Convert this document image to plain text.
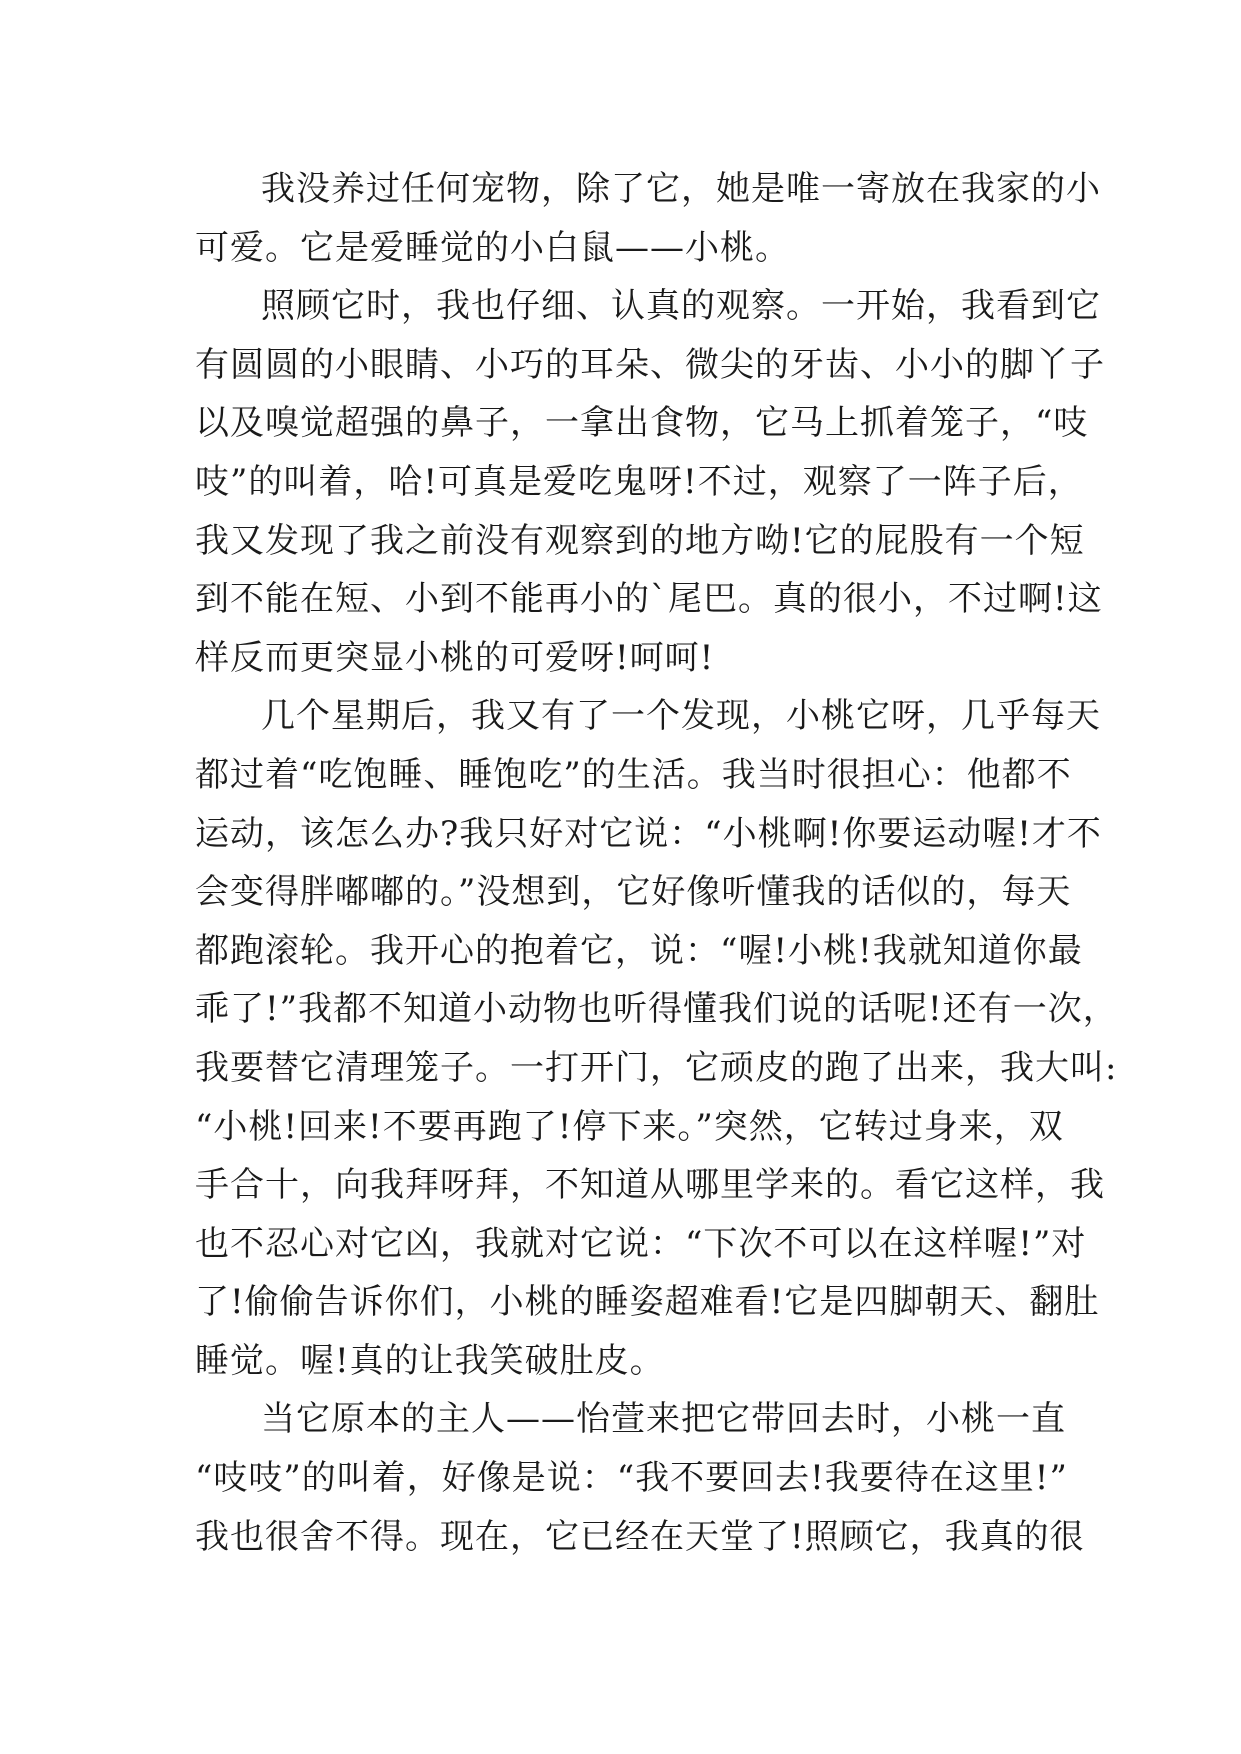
我没养过任何宠物，除了它，她是唯一寄放在我家的小
可爱。它是爱睡觉的小白鼠——小桃。
照顾它时，我也仔细、认真的观察。一开始，我看到它
有圆圆的小眼睛、小巧的耳朵、微尖的牙齿、小小的脚丫子
以及嗅觉超强的鼻子，一拿出食物，它马上抓着笼子，“吱
吱”的叫着，哈!可真是爱吃鬼呀!不过，观察了一阵子后，
我又发现了我之前没有观察到的地方呦!它的屁股有一个短
到不能在短、小到不能再小的`尾巴。真的很小，不过啊!这
样反而更突显小桃的可爱呀!呵呵!
几个星期后，我又有了一个发现，小桃它呀，几乎每天
都过着“吃饱睡、睡饱吃”的生活。我当时很担心：他都不
运动，该怎么办?我只好对它说：“小桃啊!你要运动喔!才不
会变得胖嘟嘟的。”没想到，它好像听懂我的话似的，每天
都跑滚轮。我开心的抱着它，说：“喔!小桃!我就知道你最
乖了!”我都不知道小动物也听得懂我们说的话呢!还有一次，
我要替它清理笼子。一打开门，它顽皮的跑了出来，我大叫:
“小桃!回来!不要再跑了!停下来。”突然，它转过身来，双
手合十，向我拜呀拜，不知道从哪里学来的。看它这样，我
也不忍心对它凶，我就对它说：“下次不可以在这样喔!”对
了!偷偷告诉你们，小桃的睡姿超难看!它是四脚朝天、翻肚
睡觉。喔!真的让我笑破肚皮。
当它原本的主人——怡萱来把它带回去时，小桃一直
“吱吱”的叫着，好像是说：“我不要回去!我要待在这里!”
我也很舍不得。现在，它已经在天堂了!照顾它，我真的很
